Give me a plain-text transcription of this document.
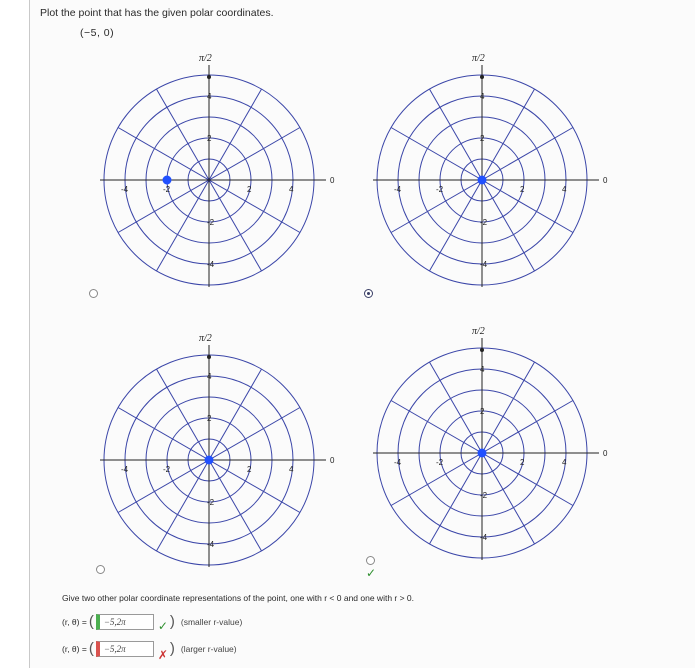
Plot the point that has the given polar coordinates.
(−5, 0)
π/2
0
-4	-2	2	4
4
2
-2
-4
π/2
0
-4	-2	2	4
4
2
-2
-4
π/2
0
-4	-2	2	4
4
2
-2
-4
π/2
0
-4	-2	2	4
4
2
-2
-4
✓
Give two other polar coordinate representations of the point, one with r < 0 and one with r > 0.
(r, θ) = (	−5,2π	✓ ) (smaller r-value)
(r, θ) = (	−5,2π	✗ ) (larger r-value)
